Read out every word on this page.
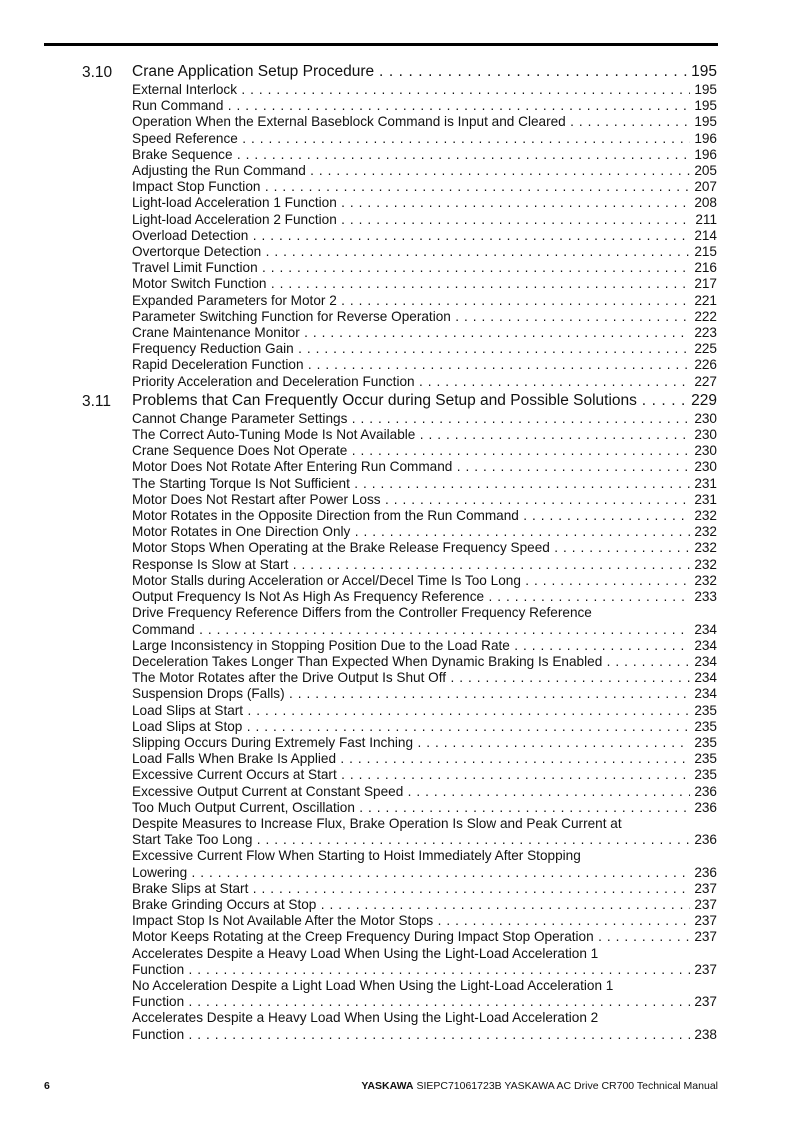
3.10	Crane Application Setup Procedure . . .	195
External Interlock . . .	195
Run Command . . .	195
Operation When the External Baseblock Command is Input and Cleared . . .	195
Speed Reference . . .	196
Brake Sequence . . .	196
Adjusting the Run Command . . .	205
Impact Stop Function . . .	207
Light-load Acceleration 1 Function . . .	208
Light-load Acceleration 2 Function . . .	211
Overload Detection . . .	214
Overtorque Detection . . .	215
Travel Limit Function . . .	216
Motor Switch Function . . .	217
Expanded Parameters for Motor 2 . . .	221
Parameter Switching Function for Reverse Operation . . .	222
Crane Maintenance Monitor . . .	223
Frequency Reduction Gain . . .	225
Rapid Deceleration Function . . .	226
Priority Acceleration and Deceleration Function . . .	227
3.11	Problems that Can Frequently Occur during Setup and Possible Solutions . . .	229
Cannot Change Parameter Settings . . .	230
The Correct Auto-Tuning Mode Is Not Available . . .	230
Crane Sequence Does Not Operate . . .	230
Motor Does Not Rotate After Entering Run Command . . .	230
The Starting Torque Is Not Sufficient . . .	231
Motor Does Not Restart after Power Loss . . .	231
Motor Rotates in the Opposite Direction from the Run Command . . .	232
Motor Rotates in One Direction Only . . .	232
Motor Stops When Operating at the Brake Release Frequency Speed . . .	232
Response Is Slow at Start . . .	232
Motor Stalls during Acceleration or Accel/Decel Time Is Too Long . . .	232
Output Frequency Is Not As High As Frequency Reference . . .	233
Drive Frequency Reference Differs from the Controller Frequency Reference
Command . . .	234
Large Inconsistency in Stopping Position Due to the Load Rate . . .	234
Deceleration Takes Longer Than Expected When Dynamic Braking Is Enabled . . .	234
The Motor Rotates after the Drive Output Is Shut Off . . .	234
Suspension Drops (Falls) . . .	234
Load Slips at Start . . .	235
Load Slips at Stop . . .	235
Slipping Occurs During Extremely Fast Inching . . .	235
Load Falls When Brake Is Applied . . .	235
Excessive Current Occurs at Start . . .	235
Excessive Output Current at Constant Speed . . .	236
Too Much Output Current, Oscillation . . .	236
Despite Measures to Increase Flux, Brake Operation Is Slow and Peak Current at
Start Take Too Long . . .	236
Excessive Current Flow When Starting to Hoist Immediately After Stopping
Lowering . . .	236
Brake Slips at Start . . .	237
Brake Grinding Occurs at Stop . . .	237
Impact Stop Is Not Available After the Motor Stops . . .	237
Motor Keeps Rotating at the Creep Frequency During Impact Stop Operation . . .	237
Accelerates Despite a Heavy Load When Using the Light-Load Acceleration 1
Function . . .	237
No Acceleration Despite a Light Load When Using the Light-Load Acceleration 1
Function . . .	237
Accelerates Despite a Heavy Load When Using the Light-Load Acceleration 2
Function . . .	238
6	YASKAWA SIEPC71061723B YASKAWA AC Drive CR700 Technical Manual
